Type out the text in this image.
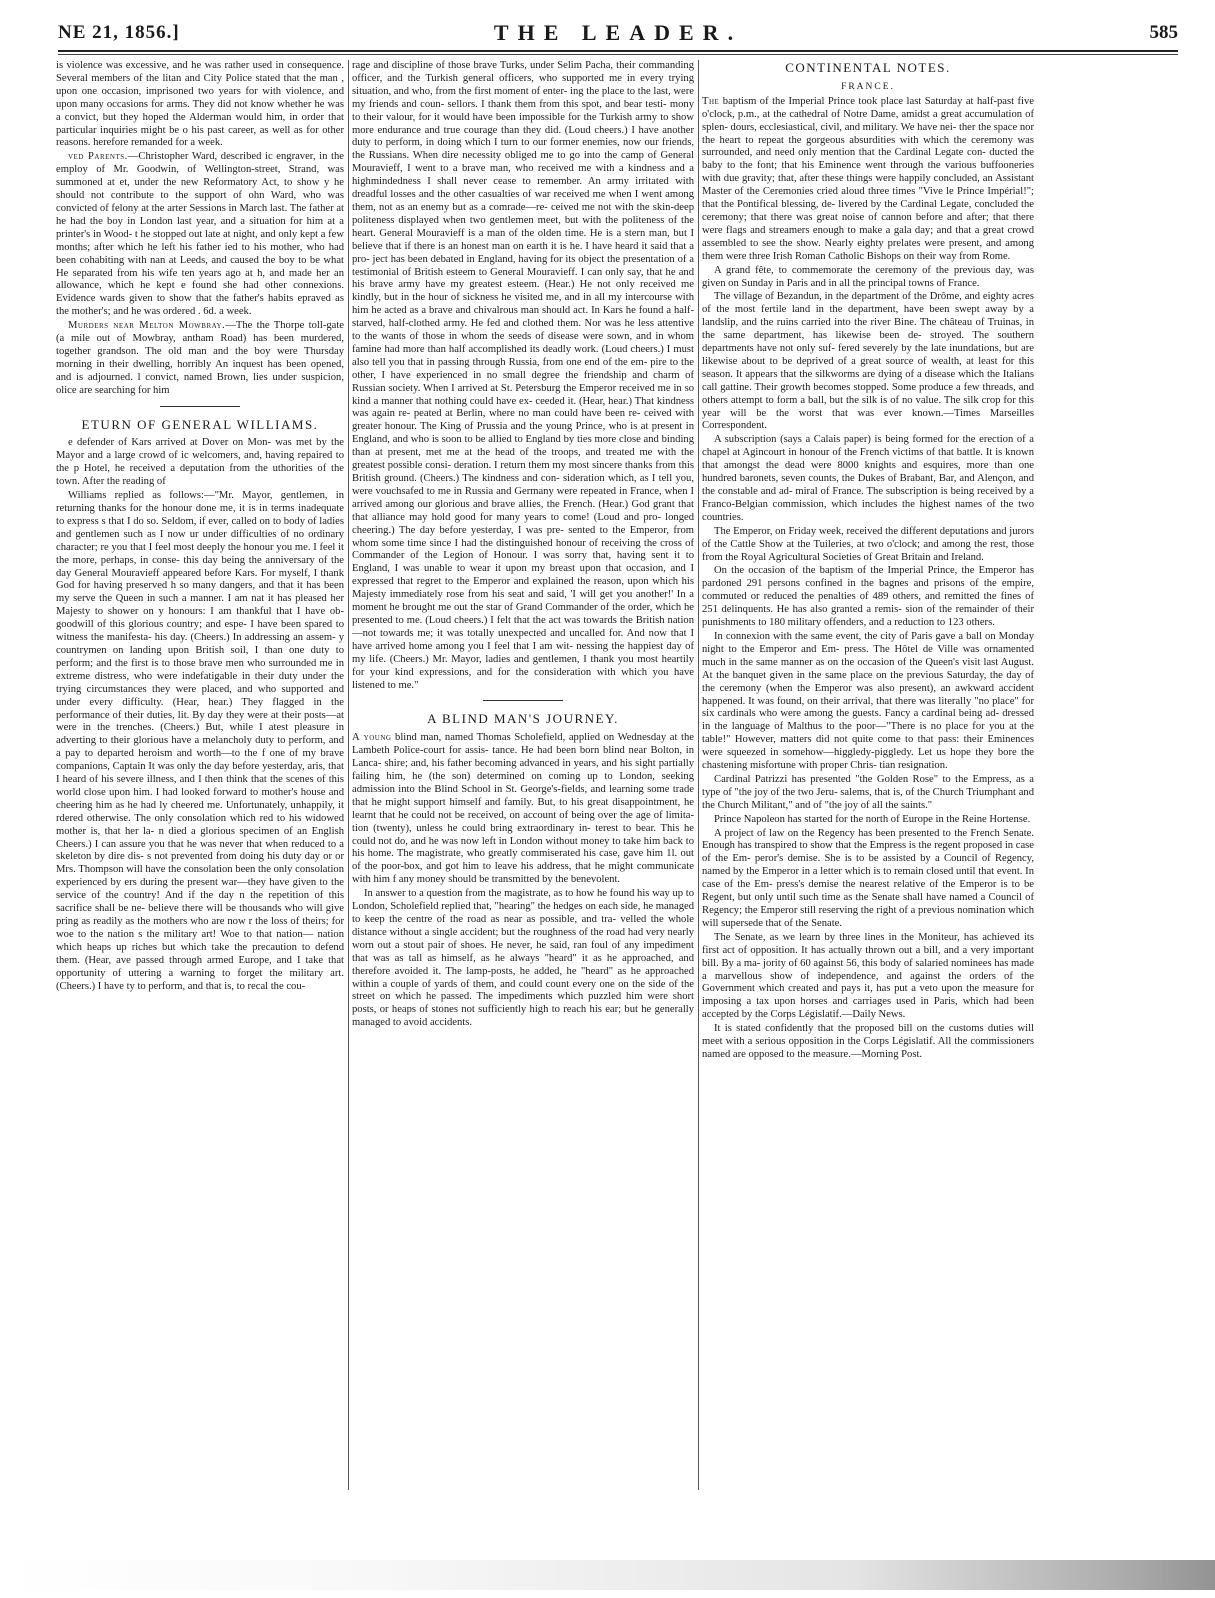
NE 21, 1856.]	THE LEADER.	585

is violence was excessive, and he was rather used in consequence. Several members of the litan and City Police stated that the man , upon one occasion, imprisoned two years for with violence, and upon many occasions for arms. They did not know whether he was a convict, but they hoped the Alderman would him, in order that particular inquiries might be o his past career, as well as for other reasons. herefore remanded for a week.

ved Parents.—Christopher Ward, described ic engraver, in the employ of Mr. Goodwin, of Wellington-street, Strand, was summoned at et, under the new Reformatory Act, to show y he should not contribute to the support of ohn Ward, who was convicted of felony at the arter Sessions in March last. The father at he had the boy in London last year, and a situation for him at a printer's in Wood- t he stopped out late at night, and only kept a few months; after which he left his father ied to his mother, who had been cohabiting with nan at Leeds, and caused the boy to be what He separated from his wife ten years ago at h, and made her an allowance, which he kept e found she had other connexions. Evidence wards given to show that the father's habits epraved as the mother's; and he was ordered . 6d. a week.

Murders near Melton Mowbray.—The the Thorpe toll-gate (a mile out of Mowbray, antham Road) has been murdered, together grandson. The old man and the boy were Thursday morning in their dwelling, horribly An inquest has been opened, and is adjourned. l convict, named Brown, lies under suspicion, olice are searching for him

ETURN OF GENERAL WILLIAMS.

e defender of Kars arrived at Dover on Mon- was met by the Mayor and a large crowd of ic welcomers, and, having repaired to the p Hotel, he received a deputation from the uthorities of the town. After the reading of

Williams replied as follows:—"Mr. Mayor, gentlemen, in returning thanks for the honour done me, it is in terms inadequate to express s that I do so. Seldom, if ever, called on to body of ladies and gentlemen such as I now ur under difficulties of no ordinary character; re you that I feel most deeply the honour you me. I feel it the more, perhaps, in conse- this day being the anniversary of the day General Mouravieff appeared before Kars. For myself, I thank God for having preserved h so many dangers, and that it has been my serve the Queen in such a manner. I am nat it has pleased her Majesty to shower on y honours: I am thankful that I have ob- goodwill of this glorious country; and espe- I have been spared to witness the manifesta- his day. (Cheers.) In addressing an assem- y countrymen on landing upon British soil, I than one duty to perform; and the first is to those brave men who surrounded me in extreme distress, who were indefatigable in their duty under the trying circumstances they were placed, and who supported and under every difficulty. (Hear, hear.) They flagged in the performance of their duties, lit. By day they were at their posts—at were in the trenches. (Cheers.) But, while I atest pleasure in adverting to their glorious have a melancholy duty to perform, and a pay to departed heroism and worth—to the f one of my brave companions, Captain It was only the day before yesterday, aris, that I heard of his severe illness, and I then think that the scenes of this world close upon him. I had looked forward to mother's house and cheering him as he had ly cheered me. Unfortunately, unhappily, it rdered otherwise. The only consolation which red to his widowed mother is, that her la- n died a glorious specimen of an English Cheers.) I can assure you that he was never that when reduced to a skeleton by dire dis- s not prevented from doing his duty day or or Mrs. Thompson will have the consolation been the only consolation experienced by ers during the present war—they have given to the service of the country! And if the day n the repetition of this sacrifice shall be ne- believe there will be thousands who will give pring as readily as the mothers who are now r the loss of theirs; for woe to the nation s the military art! Woe to that nation— nation which heaps up riches but which take the precaution to defend them. (Hear, ave passed through armed Europe, and I take that opportunity of uttering a warning to forget the military art. (Cheers.) I have ty to perform, and that is, to recal the cou-

rage and discipline of those brave Turks, under Selim Pacha, their commanding officer, and the Turkish general officers, who supported me in every trying situation, and who, from the first moment of enter- ing the place to the last, were my friends and coun- sellors. I thank them from this spot, and bear testi- mony to their valour, for it would have been impossible for the Turkish army to show more endurance and true courage than they did. (Loud cheers.) I have another duty to perform, in doing which I turn to our former enemies, now our friends, the Russians. When dire necessity obliged me to go into the camp of General Mouravieff, I went to a brave man, who received me with a kindness and a highmindedness I shall never cease to remember. An army irritated with dreadful losses and the other casualties of war received me when I went among them, not as an enemy but as a comrade—re- ceived me not with the skin-deep politeness displayed when two gentlemen meet, but with the politeness of the heart. General Mouravieff is a man of the olden time. He is a stern man, but I believe that if there is an honest man on earth it is he. I have heard it said that a pro- ject has been debated in England, having for its object the presentation of a testimonial of British esteem to General Mouravieff. I can only say, that he and his brave army have my greatest esteem. (Hear.) He not only received me kindly, but in the hour of sickness he visited me, and in all my intercourse with him he acted as a brave and chivalrous man should act. In Kars he found a half-starved, half-clothed army. He fed and clothed them. Nor was he less attentive to the wants of those in whom the seeds of disease were sown, and in whom famine had more than half accomplished its deadly work. (Loud cheers.) I must also tell you that in passing through Russia, from one end of the em- pire to the other, I have experienced in no small degree the friendship and charm of Russian society. When I arrived at St. Petersburg the Emperor received me in so kind a manner that nothing could have ex- ceeded it. (Hear, hear.) That kindness was again re- peated at Berlin, where no man could have been re- ceived with greater honour. The King of Prussia and the young Prince, who is at present in England, and who is soon to be allied to England by ties more close and binding than at present, met me at the head of the troops, and treated me with the greatest possible consi- deration. I return them my most sincere thanks from this British ground. (Cheers.) The kindness and con- sideration which, as I tell you, were vouchsafed to me in Russia and Germany were repeated in France, when I arrived among our glorious and brave allies, the French. (Hear.) God grant that that alliance may hold good for many years to come! (Loud and pro- longed cheering.) The day before yesterday, I was pre- sented to the Emperor, from whom some time since I had the distinguished honour of receiving the cross of Commander of the Legion of Honour. I was sorry that, having sent it to England, I was unable to wear it upon my breast upon that occasion, and I expressed that regret to the Emperor and explained the reason, upon which his Majesty immediately rose from his seat and said, 'I will get you another!' In a moment he brought me out the star of Grand Commander of the order, which he presented to me. (Loud cheers.) I felt that the act was towards the British nation—not towards me; it was totally unexpected and uncalled for. And now that I have arrived home among you I feel that I am wit- nessing the happiest day of my life. (Cheers.) Mr. Mayor, ladies and gentlemen, I thank you most heartily for your kind expressions, and for the consideration with which you have listened to me."

A BLIND MAN'S JOURNEY.

A young blind man, named Thomas Scholefield, applied on Wednesday at the Lambeth Police-court for assis- tance. He had been born blind near Bolton, in Lanca- shire; and, his father becoming advanced in years, and his sight partially failing him, he (the son) determined on coming up to London, seeking admission into the Blind School in St. George's-fields, and learning some trade that he might support himself and family. But, to his great disappointment, he learnt that he could not be received, on account of being over the age of limita- tion (twenty), unless he could bring extraordinary in- terest to bear. This he could not do, and he was now left in London without money to take him back to his home. The magistrate, who greatly commiserated his case, gave him 1l. out of the poor-box, and got him to leave his address, that he might communicate with him f any money should be transmitted by the benevolent.

In answer to a question from the magistrate, as to how he found his way up to London, Scholefield replied that, "hearing" the hedges on each side, he managed to keep the centre of the road as near as possible, and tra- velled the whole distance without a single accident; but the roughness of the road had very nearly worn out a stout pair of shoes. He never, he said, ran foul of any impediment that was as tall as himself, as he always "heard" it as he approached, and therefore avoided it. The lamp-posts, he added, he "heard" as he approached within a couple of yards of them, and could count every one on the side of the street on which he passed. The impediments which puzzled him were short posts, or heaps of stones not sufficiently high to reach his ear; but he generally managed to avoid accidents.

CONTINENTAL NOTES.
FRANCE.

The baptism of the Imperial Prince took place last Saturday at half-past five o'clock, p.m., at the cathedral of Notre Dame, amidst a great accumulation of splen- dours, ecclesiastical, civil, and military. We have nei- ther the space nor the heart to repeat the gorgeous absurdities with which the ceremony was surrounded, and need only mention that the Cardinal Legate con- ducted the baby to the font; that his Eminence went through the various buffooneries with due gravity; that, after these things were happily concluded, an Assistant Master of the Ceremonies cried aloud three times "Vive le Prince Impérial!"; that the Pontifical blessing, de- livered by the Cardinal Legate, concluded the ceremony; that there was great noise of cannon before and after; that there were flags and streamers enough to make a gala day; and that a great crowd assembled to see the show. Nearly eighty prelates were present, and among them were three Irish Roman Catholic Bishops on their way from Rome.

A grand fête, to commemorate the ceremony of the previous day, was given on Sunday in Paris and in all the principal towns of France.

The village of Bezandun, in the department of the Drôme, and eighty acres of the most fertile land in the department, have been swept away by a landslip, and the ruins carried into the river Bine. The château of Truinas, in the same department, has likewise been de- stroyed. The southern departments have not only suf- fered severely by the late inundations, but are likewise about to be deprived of a great source of wealth, at least for this season. It appears that the silkworms are dying of a disease which the Italians call gattine. Their growth becomes stopped. Some produce a few threads, and others attempt to form a ball, but the silk is of no value. The silk crop for this year will be the worst that was ever known.—Times Marseilles Correspondent.

A subscription (says a Calais paper) is being formed for the erection of a chapel at Agincourt in honour of the French victims of that battle. It is known that amongst the dead were 8000 knights and esquires, more than one hundred baronets, seven counts, the Dukes of Brabant, Bar, and Alençon, and the constable and ad- miral of France. The subscription is being received by a Franco-Belgian commission, which includes the highest names of the two countries.

The Emperor, on Friday week, received the different deputations and jurors of the Cattle Show at the Tuileries, at two o'clock; and among the rest, those from the Royal Agricultural Societies of Great Britain and Ireland.

On the occasion of the baptism of the Imperial Prince, the Emperor has pardoned 291 persons confined in the bagnes and prisons of the empire, commuted or reduced the penalties of 489 others, and remitted the fines of 251 delinquents. He has also granted a remis- sion of the remainder of their punishments to 180 military offenders, and a reduction to 123 others.

In connexion with the same event, the city of Paris gave a ball on Monday night to the Emperor and Em- press. The Hôtel de Ville was ornamented much in the same manner as on the occasion of the Queen's visit last August. At the banquet given in the same place on the previous Saturday, the day of the ceremony (when the Emperor was also present), an awkward accident happened. It was found, on their arrival, that there was literally "no place" for six cardinals who were among the guests. Fancy a cardinal being ad- dressed in the language of Malthus to the poor—"There is no place for you at the table!" However, matters did not quite come to that pass: their Eminences were squeezed in somehow—higgledy-piggledy. Let us hope they bore the chastening misfortune with proper Chris- tian resignation.

Cardinal Patrizzi has presented "the Golden Rose" to the Empress, as a type of "the joy of the two Jeru- salems, that is, of the Church Triumphant and the Church Militant," and of "the joy of all the saints."

Prince Napoleon has started for the north of Europe in the Reine Hortense.

A project of law on the Regency has been presented to the French Senate. Enough has transpired to show that the Empress is the regent proposed in case of the Em- peror's demise. She is to be assisted by a Council of Regency, named by the Emperor in a letter which is to remain closed until that event. In case of the Em- press's demise the nearest relative of the Emperor is to be Regent, but only until such time as the Senate shall have named a Council of Regency; the Emperor still reserving the right of a previous nomination which will supersede that of the Senate.

The Senate, as we learn by three lines in the Moniteur, has achieved its first act of opposition. It has actually thrown out a bill, and a very important bill. By a ma- jority of 60 against 56, this body of salaried nominees has made a marvellous show of independence, and against the orders of the Government which created and pays it, has put a veto upon the measure for imposing a tax upon horses and carriages used in Paris, which had been accepted by the Corps Législatif.—Daily News.

It is stated confidently that the proposed bill on the customs duties will meet with a serious opposition in the Corps Législatif. All the commissioners named are opposed to the measure.—Morning Post.
